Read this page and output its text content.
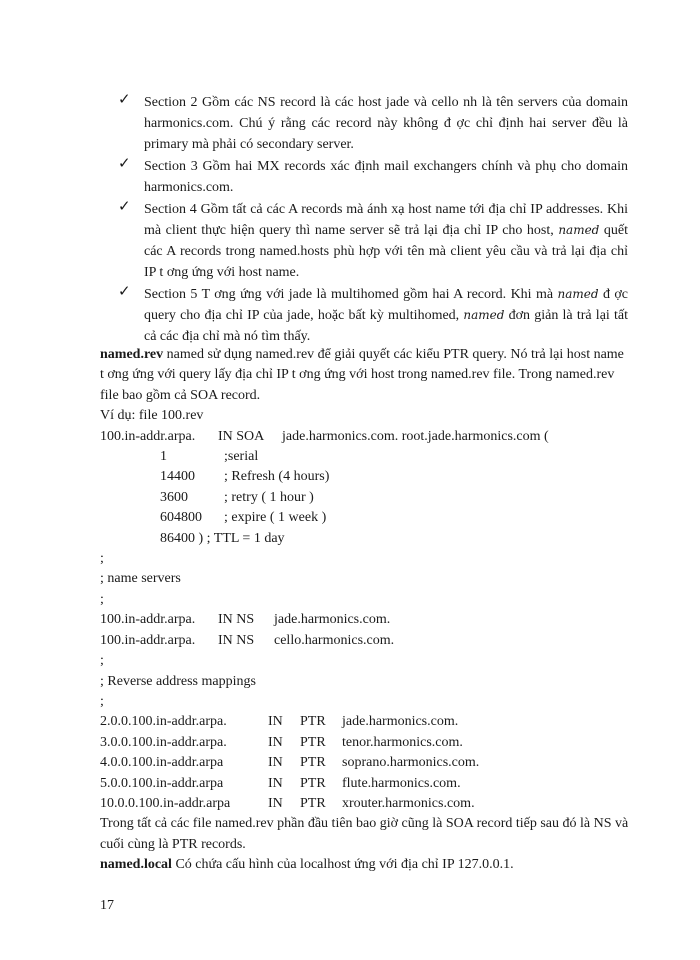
✓ Section 2 Gồm các NS record là các host jade và cello nh là tên servers của domain harmonics.com. Chú ý rằng các record này không đ ợc chỉ định hai server đều là primary mà phải có secondary server.
✓ Section 3 Gồm hai MX records xác định mail exchangers chính và phụ cho domain harmonics.com.
✓ Section 4 Gồm tất cả các A records mà ánh xạ host name tới địa chỉ IP addresses. Khi mà client thực hiện query thì name server sẽ trả lại địa chỉ IP cho host, named quết các A records trong named.hosts phù hợp với tên mà client yêu cầu và trả lại địa chỉ IP t ơng ứng với host name.
✓ Section 5 T ơng ứng với jade là multihomed gồm hai A record. Khi mà named đ ợc query cho địa chỉ IP của jade, hoặc bất kỳ multihomed, named đơn giản là trả lại tất cả các địa chỉ mà nó tìm thấy.

named.rev named sử dụng named.rev để giải quyết các kiểu PTR query. Nó trả lại host name t ơng ứng với query lấy địa chỉ IP t ơng ứng với host trong named.rev file. Trong named.rev file bao gồm cả SOA record.

Ví dụ: file 100.rev

100.in-addr.arpa. IN SOA jade.harmonics.com. root.jade.harmonics.com (

1	;serial

14400 ; Refresh (4 hours)

3600	; retry ( 1 hour )

604800 ; expire ( 1 week )

86400 ) ; TTL = 1 day

;

; name servers

;

100.in-addr.arpa. IN NS jade.harmonics.com.

100.in-addr.arpa. IN NS cello.harmonics.com.

;

; Reverse address mappings

;

2.0.0.100.in-addr.arpa.	IN PTR jade.harmonics.com.

3.0.0.100.in-addr.arpa.	IN PTR tenor.harmonics.com.

4.0.0.100.in-addr.arpa	IN PTR soprano.harmonics.com.

5.0.0.100.in-addr.arpa	IN PTR flute.harmonics.com.

10.0.0.100.in-addr.arpa	IN PTR xrouter.harmonics.com.

Trong tất cả các file named.rev phần đầu tiên bao giờ cũng là SOA record tiếp sau đó là NS và cuối cùng là PTR records.

named.local Có chứa cấu hình của localhost ứng với địa chỉ IP 127.0.0.1.

17
